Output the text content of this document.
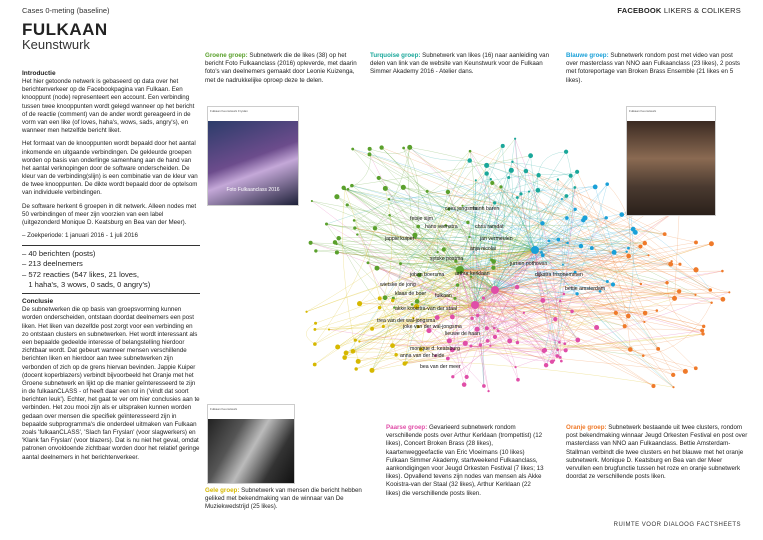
Cases 0-meting (baseline)	FACEBOOK LIKERS & COLIKERS
FULKAAN
Keunstwurk
Introductie

Het hier getoonde netwerk is gebaseerd op data over het berichtenverkeer op de Facebookpagina van Fulkaan. Een knooppunt (node) representeert een account. Een verbinding tussen twee knooppunten wordt gelegd wanneer op het bericht of de reactie (comment) van de ander wordt gereageerd in de vorm van een like (of loves, haha's, wows, sads, angry's), en wanneer men hetzelfde bericht liket.

Het formaat van de knooppunten wordt bepaald door het aantal inkomende en uitgaande verbindingen. De gekleurde groepen worden op basis van onderlinge samenhang aan de hand van het aantal verknopingen door de software onderscheiden. De kleur van de verbinding(slijn) is een combinatie van de kleur van de twee knooppunten. De dikte wordt bepaald door de optelsom van individuele verbindingen.

De software herkent 6 groepen in dit netwerk. Alleen nodes met 50 verbindingen of meer zijn voorzien van een label (uitgezonderd Monique D. Keatsburg en Bea van der Meer).

– Zoekperiode: 1 januari 2016 - 1 juli 2016
– 40 berichten (posts)
– 213 deelnemers
– 572 reacties (547 likes, 21 loves,
1 haha's, 3 wows, 0 sads, 0 angry's)
Conclusie

De subnetwerken die op basis van groepsvorming kunnen worden onderscheiden, ontstaan doordat deelnemers een post liken. Het liken van dezelfde post zorgt voor een verbinding en zo ontstaan clusters en subnetwerken. Het wordt interessant als een bepaalde gedeelde interesse of belangstelling hierdoor zichtbaar wordt. Dat gebeurt wanneer mensen verschillende berichten liken en hierdoor aan twee subnetwerken zijn verbonden of zich op de grens hiervan bevinden. Jappie Kuiper (docent koperblazers) verbindt bijvoorbeeld het Oranje met het Groene subnetwerk en lijkt op die manier geïnteresseerd te zijn in de fulkaanCLASS - of heeft daar een rol in ('vindt dat soort berichten leuk'). Echter, het gaat te ver om hier conclusies aan te verbinden. Het zou mooi zijn als er uitspraken kunnen worden gedaan over mensen die specifiek geïnteresseerd zijn in bepaalde subprogramma's die onderdeel uitmaken van Fulkaan zoals 'fulkaanCLASS', 'Slach fan Fryslan' (voor slagwerkers) en 'Klank fan Fryslan' (voor blazers). Dat is nu niet het geval, omdat patronen onvoldoende zichtbaar worden door het relatief geringe aantal deelnemers in het berichtenverkeer.

Groene groep: Subnetwerk die de likes (38) op het bericht Foto Fulkaanclass (2016) opleverde, met daarin foto's van deelnemers gemaakt door Leonie Kuizenga, met de nadrukkelijke oproep deze te delen.
Turquoise groep: Subnetwerk van likes (16) naar aanleiding van delen van link van de website van Keunstwurk voor de Fulkaan Simmer Akademy 2016 - Atelier dans.
Blauwe groep: Subnetwerk rondom post met video van post over masterclass van NNO aan Fulkaanclass (23 likes), 2 posts met fotoreportage van Broken Brass Ensemble (21 likes en 5 likes).
Gele groep: Subnetwerk van mensen die bericht hebben geliked met bekendmaking van de winnaar van De Muziekwedstrijd (25 likes).
Paarse groep: Gevarieerd subnetwerk rondom verschillende posts over Arthur Kerklaan (trompettist) (12 likes), Concert Broken Brass (28 likes), kaartenweggeefactie van Eric Vloeimans (10 likes) Fulkaan Simmer Akademy, startweekend Fulkaanclass, aankondigingen voor Jeugd Orkesten Festival (7 likes; 13 likes). Opvallend tevens zijn nodes van mensen als Akke Kooistra-van der Staal (32 likes), Arthur Kerklaan (22 likes) die verschillende posts liken.
Oranje groep: Subnetwerk bestaande uit twee clusters, rondom post bekendmaking winnaar Jeugd Orkesten Festival en post over masterclass van NNO aan Fulkaanclass. Bettie Amsterdam-Stallman verbindt die twee clusters en het blauwe met het oranje subnetwerk. Monique D. Keatsburg en Bea van der Meer vervullen een brugfunctie tussen het roze en oranje subnetwerk doordat ze verschillende posts liken.
akke kooistra-van der staal
fulkaan
arthur kerklaan
jurrien pothoven
dijkstra frisonemmen
anja nicolai
jan vermeulen
chris ramdat
hanh baren
hans veenstra
fetsje sijm
jappie kuiper
bettie amsterdam
monique d. keatsburg
bea van der meer
trea van der wal-jongsma
anna van der heide
joke van der wal-jongsma
cees jongsma
johan boersma
lieuwe de haan
wietske de jong
sytske postma
klaas de boer
Fulkaan Keunstwurk Fryslan
Foto Fulkaanclass 2016
Fulkaan Keunstwurk
Fulkaan Keunstwurk
RUIMTE VOOR DIALOOG FACTSHEETS
